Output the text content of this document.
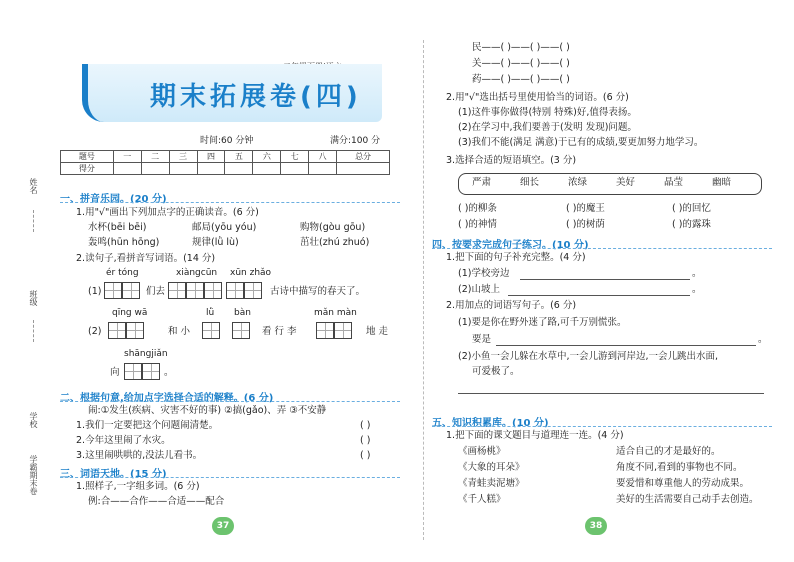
姓名
班级
学校
学霸期末卷
期末拓展卷(四)
时间:60 分钟	满分:100 分
题号	一	二	三	四	五	六	七	八	总分
得分									
一、拼音乐园。(20 分)
1.用"√"画出下列加点字的正确读音。(6 分)
水杯(bēi bēi)	邮局(yōu yóu)	购物(gòu gōu)
轰鸣(hūn hōng)	规律(lǜ lù)	茁壮(zhú zhuó)
2.读句子,看拼音写词语。(14 分)
ér tóng	xiàngcūn xūn zhǎo
(1)	们去	古诗中描写的春天了。
qīng wā	lǜ bàn	mǎn màn
(2)	和 小	看 行 李	地 走
shāngjiǎn
向	。
二、根据句意,给加点字选择合适的解释。(6 分)
闹:①发生(疾病、灾害不好的事) ②搞(gǎo)、弄 ③不安静
1.我们一定要把这个问题闹清楚。	( )
2.今年这里闹了水灾。	( )
3.这里闹哄哄的,没法儿看书。	( )
三、词语天地。(15 分)
1.照样子,一字组多词。(6 分)
例:合——合作——合适——配合
37
民——( )——( )——( )
关——( )——( )——( )
药——( )——( )——( )
2.用"√"选出括号里使用恰当的词语。(6 分)
(1)这件事你做得(特别 特殊)好,值得表扬。
(2)在学习中,我们要善于(发明 发现)问题。
(3)我们不能(满足 满意)于已有的成绩,要更加努力地学习。
3.选择合适的短语填空。(3 分)
严肃	细长	浓绿	美好	晶莹	幽暗
( )的柳条	( )的魔王	( )的回忆
( )的神情	( )的树荫	( )的露珠
四、按要求完成句子练习。(10 分)
1.把下面的句子补充完整。(4 分)
(1)学校旁边	。
(2)山坡上	。
2.用加点的词语写句子。(6 分)
(1)要是你在野外迷了路,可千万别慌张。
要是	。
(2)小鱼一会儿躲在水草中,一会儿游到河岸边,一会儿跳出水面,
可爱极了。
五、知识积累库。(10 分)
1.把下面的课文题目与道理连一连。(4 分)
《画杨桃》
《大象的耳朵》
《青蛙卖泥塘》
《千人糕》
适合自己的才是最好的。
角度不同,看到的事物也不同。
要爱惜和尊重他人的劳动成果。
美好的生活需要自己动手去创造。
38
